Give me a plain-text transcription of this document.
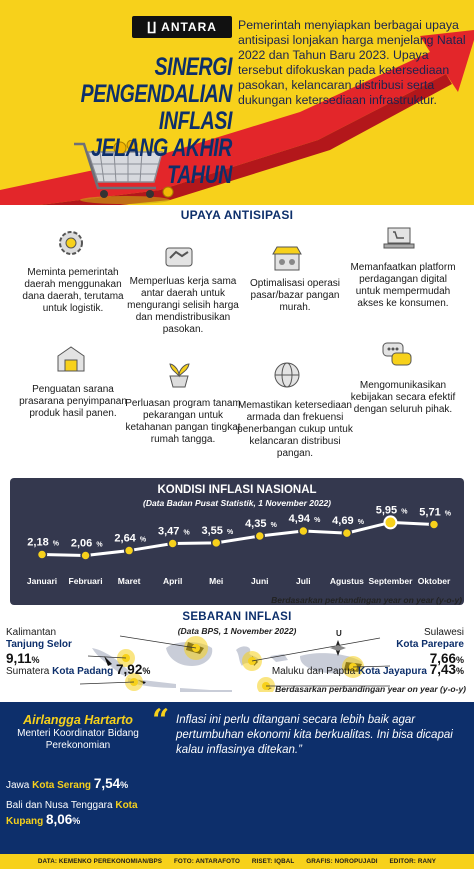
∐ ANTARA
SINERGI
PENGENDALIAN INFLASI
JELANG AKHIR TAHUN
Pemerintah menyiapkan berbagai upaya antisipasi lonjakan harga menjelang Natal 2022 dan Tahun Baru 2023. Upaya tersebut difokuskan pada ketersediaan pasokan, kelancaran distribusi serta dukungan ketersediaan infrastruktur.
UPAYA ANTISIPASI
Meminta pemerintah daerah menggunakan dana daerah, terutama untuk logistik.
Memperluas kerja sama antar daerah untuk mengurangi selisih harga dan mendistribusikan pasokan.
Optimalisasi operasi pasar/bazar pangan murah.
Memanfaatkan platform perdagangan digital untuk mempermudah akses ke konsumen.
Penguatan sarana prasarana penyimpanan produk hasil panen.
Perluasan program tanam pekarangan untuk ketahanan pangan tingkat rumah tangga.
Memastikan ketersediaan armada dan frekuensi penerbangan cukup untuk kelancaran distribusi pangan.
Mengomunikasikan kebijakan secara efektif dengan seluruh pihak.
2,18 %
Januari
2,06 %
Februari
2,64 %
Maret
3,47 %
April
3,55 %
Mei
4,35 %
Juni
4,94 %
Juli
4,69 %
Agustus
5,95 %
September
5,71 %
Oktober
KONDISI INFLASI NASIONAL
(Data Badan Pusat Statistik, 1 November 2022)
Berdasarkan perbandingan year on year (y-o-y)
SEBARAN INFLASI
(Data BPS, 1 November 2022)	U
Kalimantan
Tanjung Selor
9,11%
Sulawesi
Kota Parepare
7,66%
Berdasarkan perbandingan year on year (y-o-y)
Sumatera Kota Padang 7,92%	Maluku dan Papua Kota Jayapura 7,43%
Airlangga Hartarto
Menteri Koordinator Bidang Perekonomian
“ Inflasi ini perlu ditangani secara lebih baik agar pertumbuhan ekonomi kita berkualitas. Ini bisa dicapai kalau inflasinya ditekan.”
Jawa Kota Serang 7,54%
Bali dan Nusa Tenggara Kota Kupang 8,06%
DATA: KEMENKO PEREKONOMIAN/BPS FOTO: ANTARAFOTO RISET: IQBAL GRAFIS: NOROPUJADI EDITOR: RANY
